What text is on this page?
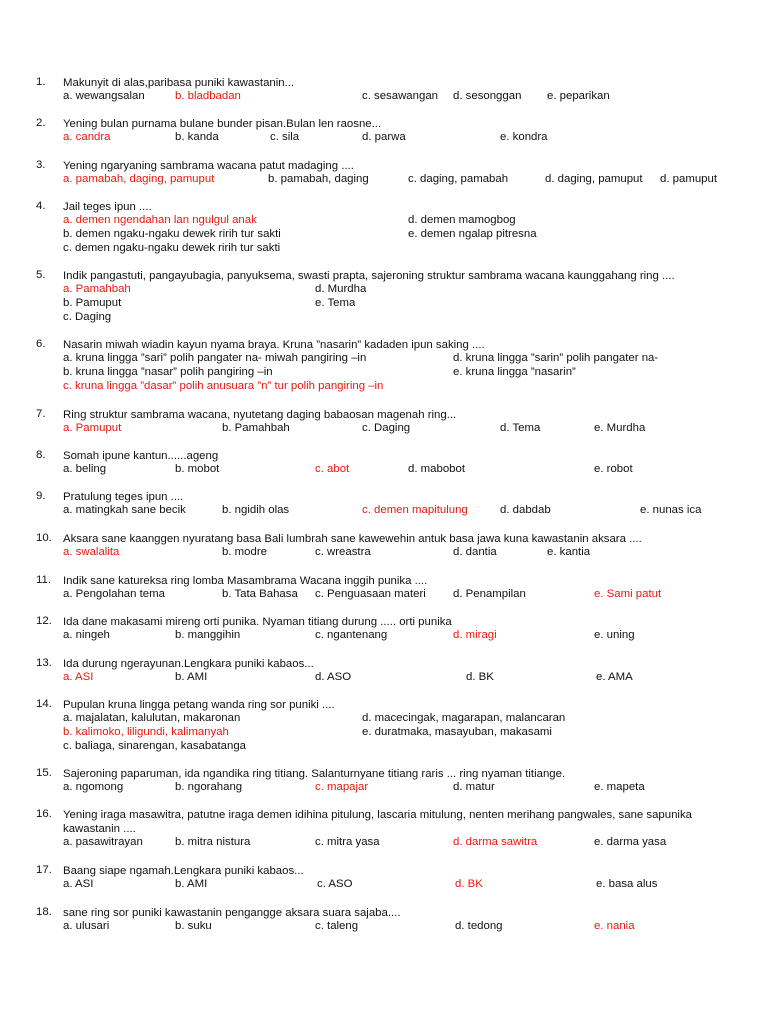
1. Makunyit di alas,paribasa puniki kawastanin...
a. wewangsalan	b. bladbadan	c. sesawangan d. sesonggan e. peparikan
2. Yening bulan purnama bulane bunder pisan.Bulan len raosne...
a. candra	b. kanda	c. sila	d. parwa	e. kondra
3. Yening ngaryaning sambrama wacana patut madaging ....
a. pamabah, daging, pamuput	b. pamabah, daging	c. daging, pamabah	d. daging, pamuput d. pamuput
4. Jail teges ipun ....
a. demen ngendahan lan ngulgul anak	d. demen mamogbog
b. demen ngaku-ngaku dewek ririh tur sakti	e. demen ngalap pitresna
c. demen ngaku-ngaku dewek ririh tur sakti
5. Indik pangastuti, pangayubagia, panyuksema, swasti prapta, sajeroning struktur sambrama wacana kaunggahang ring ....
a. Pamahbah	d. Murdha
b. Pamuput	e. Tema
c. Daging
6. Nasarin miwah wiadin kayun nyama braya. Kruna ”nasarin” kadaden ipun saking ....
a. kruna lingga ”sari” polih pangater na- miwah pangiring –in	d. kruna lingga ”sarin” polih pangater na-
b. kruna lingga ”nasar” polih pangiring –in	e. kruna lingga ”nasarin”
c. kruna lingga ”dasar” polih anusuara ”n” tur polih pangiring –in
7. Ring struktur sambrama wacana, nyutetang daging babaosan magenah ring...
a. Pamuput	b. Pamahbah	c. Daging	d. Tema	e. Murdha
8. Somah ipune kantun......ageng
a. beling	b. mobot	c. abot	d. mabobot	e. robot
9. Pratulung teges ipun ....
a. matingkah sane becik	b. ngidih olas	c. demen mapitulung	d. dabdab	e. nunas ica
10. Aksara sane kaanggen nyuratang basa Bali lumbrah sane kawewehin antuk basa jawa kuna kawastanin aksara ....
a. swalalita	b. modre	c. wreastra	d. dantia	e. kantia
11. Indik sane katureksa ring lomba Masambrama Wacana inggih punika ....
a. Pengolahan tema	b. Tata Bahasa c. Penguasaan materi d. Penampilan	e. Sami patut
12. Ida dane makasami mireng orti punika. Nyaman titiang durung ..... orti punika
a. ningeh	b. manggihin	c. ngantenang	d. miragi	e. uning
13. Ida durung ngerayunan.Lengkara puniki kabaos...
a. ASI	b. AMI	d. ASO	d. BK	e. AMA
14. Pupulan kruna lingga petang wanda ring sor puniki ....
a. majalatan, kalulutan, makaronan	d. macecingak, magarapan, malancaran
b. kalimoko, liligundi, kalimanyah	e. duratmaka, masayuban, makasami
c. baliaga, sinarengan, kasabatanga
15. Sajeroning paparuman, ida ngandika ring titiang. Salanturnyane titiang raris ... ring nyaman titiange.
a. ngomong	b. ngorahang	c. mapajar	d. matur	e. mapeta
16. Yening iraga masawitra, patutne iraga demen idihina pitulung, lascaria mitulung, nenten merihang pangwales, sane sapunika kawastanin ....
a. pasawitrayan	b. mitra nistura	c. mitra yasa	d. darma sawitra	e. darma yasa
17. Baang siape ngamah.Lengkara puniki kabaos...
a. ASI	b. AMI	c. ASO	d. BK	e. basa alus
18. sane ring sor puniki kawastanin pengangge aksara suara sajaba....
a. ulusari	b. suku	c. taleng	d. tedong	e. nania
